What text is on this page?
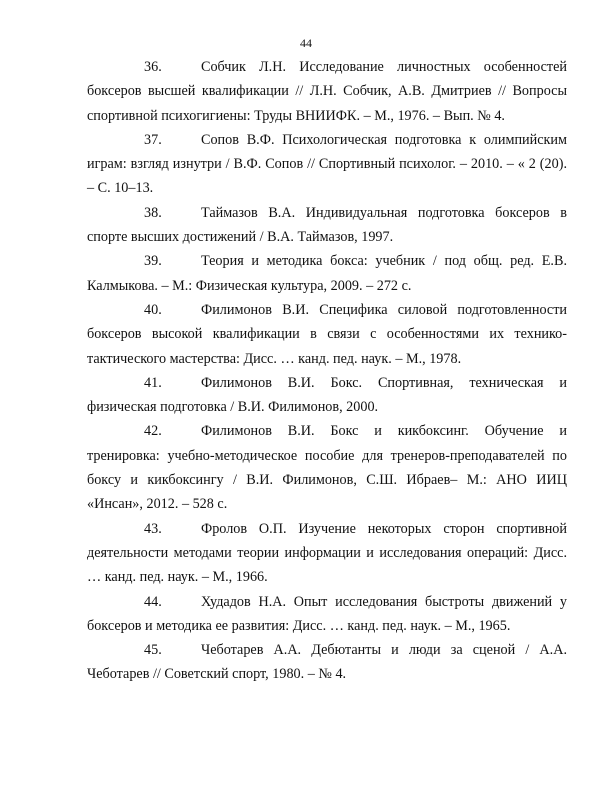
44

36.	Собчик Л.Н. Исследование личностных особенностей боксеров высшей квалификации // Л.Н. Собчик, А.В. Дмитриев // Вопросы спортивной психогигиены: Труды ВНИИФК. – М., 1976. – Вып. № 4.

37.	Сопов В.Ф. Психологическая подготовка к олимпийским играм: взгляд изнутри / В.Ф. Сопов // Спортивный психолог. – 2010. – « 2 (20). – С. 10–13.

38.	Таймазов В.А. Индивидуальная подготовка боксеров в спорте высших достижений / В.А. Таймазов, 1997.

39.	Теория и методика бокса: учебник / под общ. ред. Е.В. Калмыкова. – М.: Физическая культура, 2009. – 272 с.

40.	Филимонов В.И. Специфика силовой подготовленности боксеров высокой квалификации в связи с особенностями их технико-тактического мастерства: Дисс. … канд. пед. наук. – М., 1978.

41.	Филимонов В.И. Бокс. Спортивная, техническая и физическая подготовка / В.И. Филимонов, 2000.

42.	Филимонов В.И. Бокс и кикбоксинг. Обучение и тренировка: учебно-методическое пособие для тренеров-преподавателей по боксу и кикбоксингу / В.И. Филимонов, С.Ш. Ибраев– М.: АНО ИИЦ «Инсан», 2012. – 528 с.

43.	Фролов О.П. Изучение некоторых сторон спортивной деятельности методами теории информации и исследования операций: Дисс. … канд. пед. наук. – М., 1966.

44.	Худадов Н.А. Опыт исследования быстроты движений у боксеров и методика ее развития: Дисс. … канд. пед. наук. – М., 1965.

45.	Чеботарев А.А. Дебютанты и люди за сценой / А.А. Чеботарев // Советский спорт, 1980. – № 4.
